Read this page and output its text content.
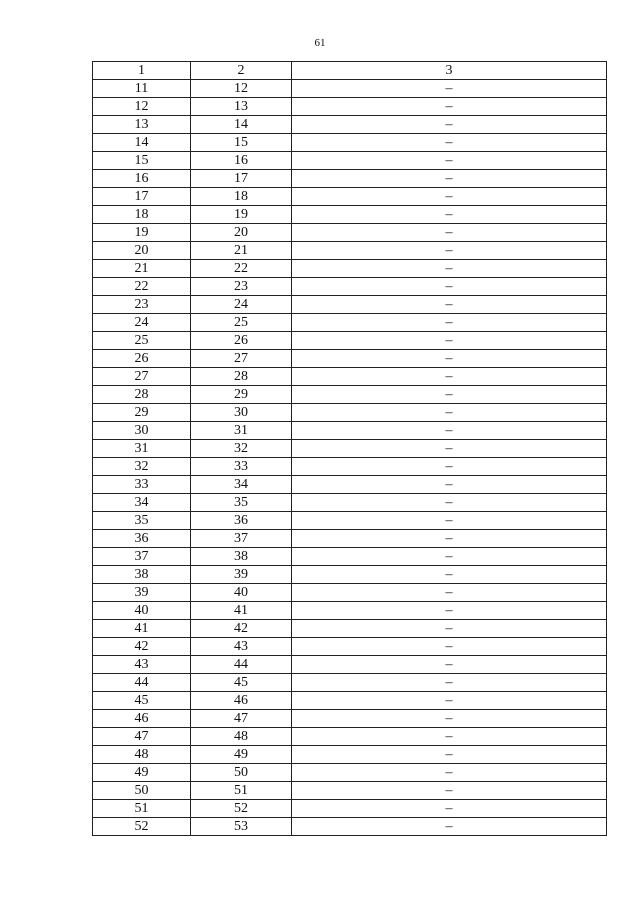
61
1	2	3
11	12	–
12	13	–
13	14	–
14	15	–
15	16	–
16	17	–
17	18	–
18	19	–
19	20	–
20	21	–
21	22	–
22	23	–
23	24	–
24	25	–
25	26	–
26	27	–
27	28	–
28	29	–
29	30	–
30	31	–
31	32	–
32	33	–
33	34	–
34	35	–
35	36	–
36	37	–
37	38	–
38	39	–
39	40	–
40	41	–
41	42	–
42	43	–
43	44	–
44	45	–
45	46	–
46	47	–
47	48	–
48	49	–
49	50	–
50	51	–
51	52	–
52	53	–
